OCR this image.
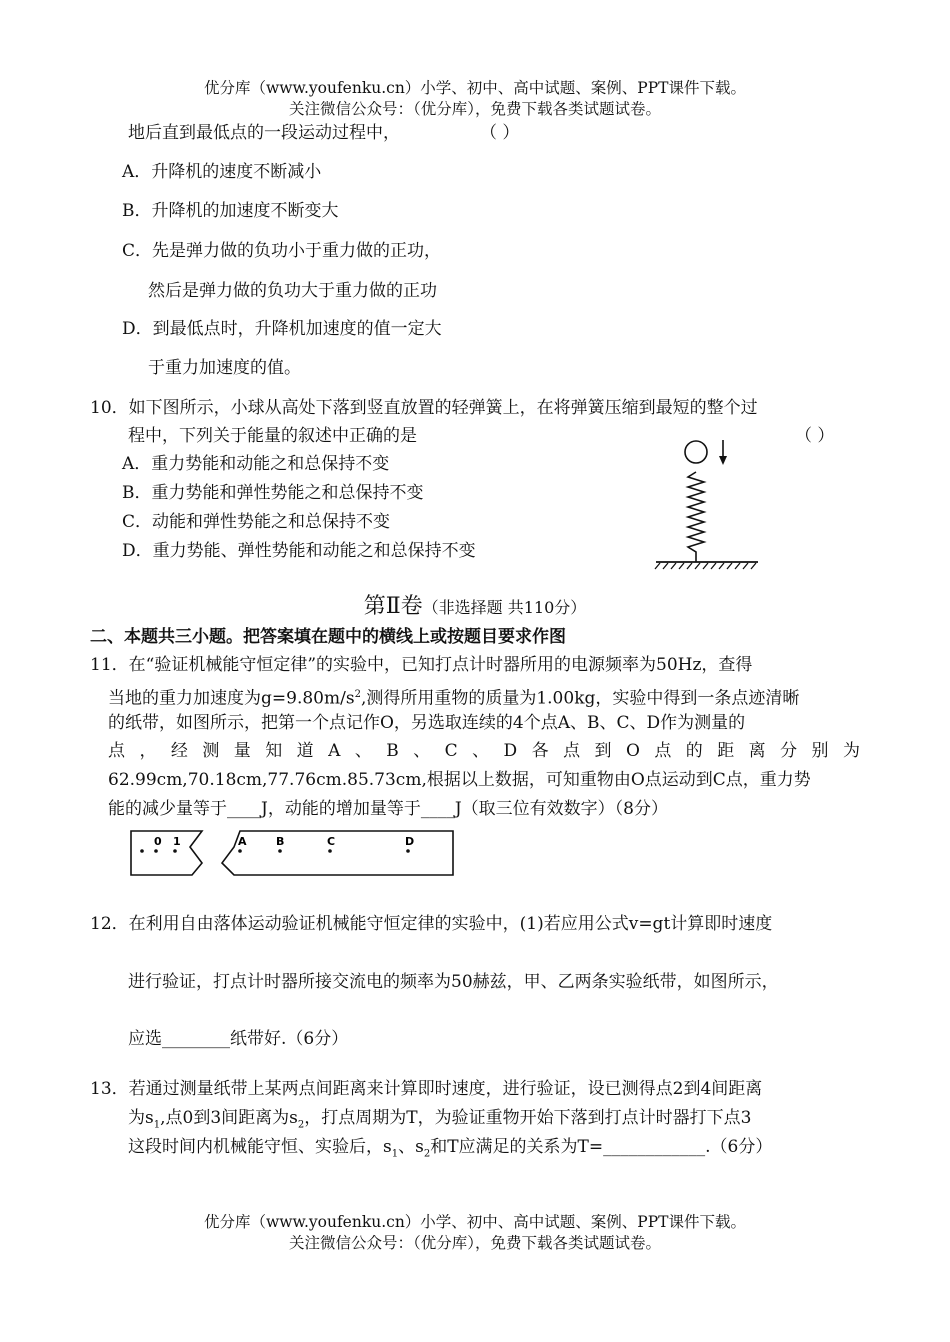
优分库（www.youfenku.cn）小学、初中、高中试题、案例、PPT课件下载。
关注微信公众号：（优分库），免费下载各类试题试卷。
地后直到最低点的一段运动过程中，	（ ）
A．升降机的速度不断减小
B．升降机的加速度不断变大
C．先是弹力做的负功小于重力做的正功，
然后是弹力做的负功大于重力做的正功
D．到最低点时，升降机加速度的值一定大
于重力加速度的值。
10．如下图所示，小球从高处下落到竖直放置的轻弹簧上，在将弹簧压缩到最短的整个过
程中，下列关于能量的叙述中正确的是	（ ）
A．重力势能和动能之和总保持不变
B．重力势能和弹性势能之和总保持不变
C．动能和弹性势能之和总保持不变
D．重力势能、弹性势能和动能之和总保持不变
第Ⅱ卷（非选择题 共110分）
二、本题共三小题。把答案填在题中的横线上或按题目要求作图
11．在“验证机械能守恒定律”的实验中，已知打点计时器所用的电源频率为50Hz，查得
当地的重力加速度为$g=9.80m/s^2$,测得所用重物的质量为1.00kg，实验中得到一条点迹清晰
的纸带，如图所示，把第一个点记作O，另选取连续的4个点A、B、C、D作为测量的
点，经测量知道A、B、C、D各点到O点的距离分别为
62.99cm,70.18cm,77.76cm.85.73cm,根据以上数据，可知重物由O点运动到C点，重力势
能的减少量等于____J，动能的增加量等于____J（取三位有效数字）（8分）
0 1	A	B	C	D
12．在利用自由落体运动验证机械能守恒定律的实验中，(1)若应用公式v=gt计算即时速度
进行验证，打点计时器所接交流电的频率为50赫兹，甲、乙两条实验纸带，如图所示，
应选________纸带好.（6分）
13．若通过测量纸带上某两点间距离来计算即时速度，进行验证，设已测得点2到4间距离
为$s_1$,点0到3间距离为$s_2$，打点周期为T，为验证重物开始下落到打点计时器打下点3
这段时间内机械能守恒、实验后，$s_1$、$s_2$和T应满足的关系为T=____________.（6分）
优分库（www.youfenku.cn）小学、初中、高中试题、案例、PPT课件下载。
关注微信公众号：（优分库），免费下载各类试题试卷。
